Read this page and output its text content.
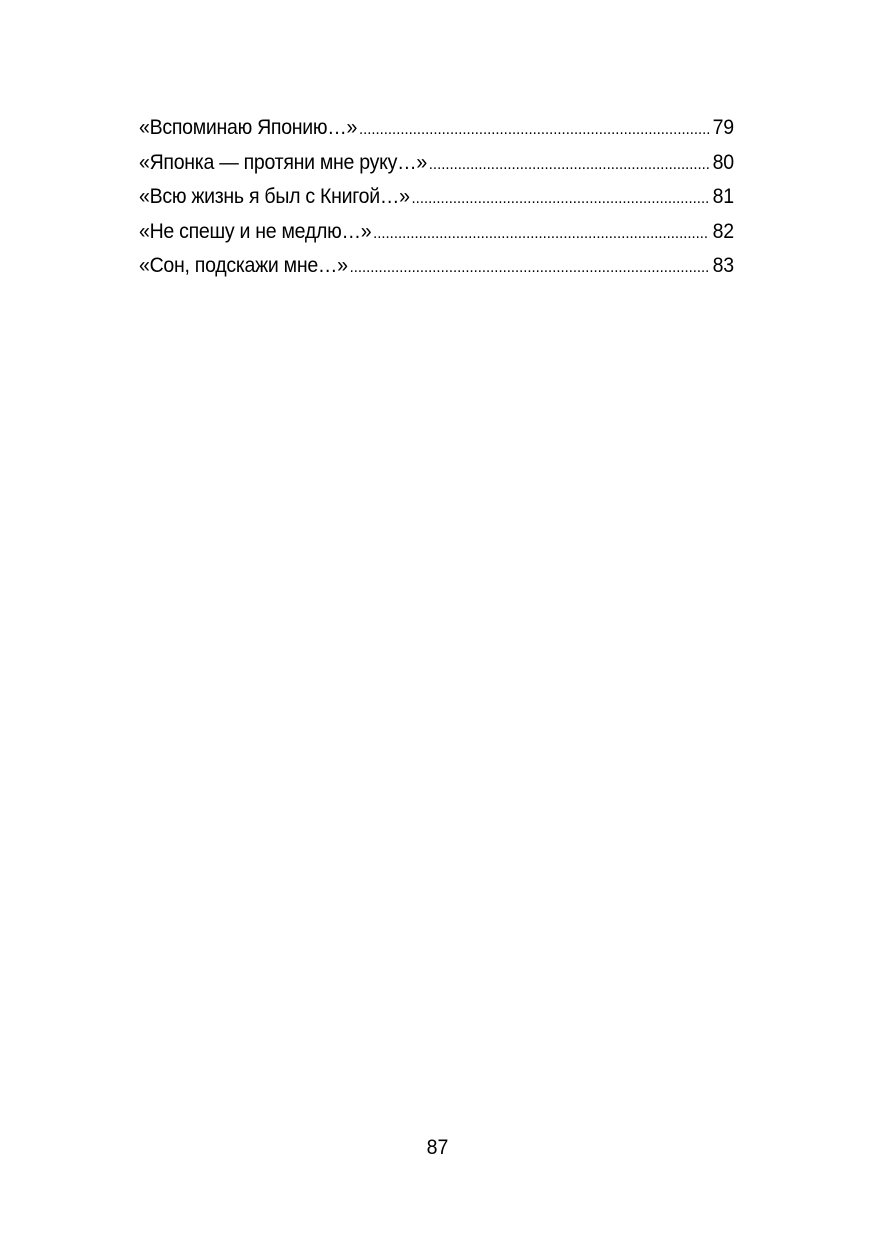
«Вспоминаю Японию…» .....	79
«Японка — протяни мне руку…» .....	80
«Всю жизнь я был с Книгой…» .....	81
«Не спешу и не медлю…» .....	82
«Сон, подскажи мне…» .....	83
87
